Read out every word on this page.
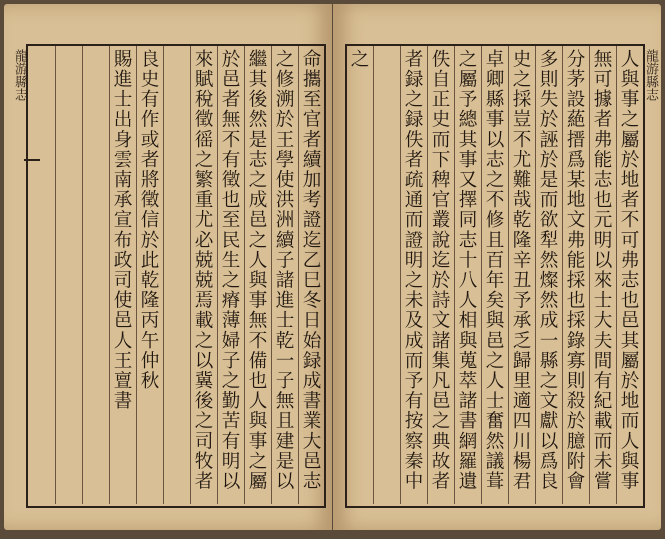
龍游縣志	命攜至官者續加考證迄乙巳冬日始録成書業大邑志
之修溯於王學使洪洲續子諸進士乾一子無且建是以
繼其後然是志之成邑之人與事無不備也人與事之屬
於邑者無不有徵也至民生之瘠薄婦子之勤苦有明以
來賦稅徵徭之繁重尤必兢兢焉載之以冀後之司牧者
良史有作或者將徵信於此乾隆丙午仲秋
賜進士出身雲南承宣布政司使邑人王亶書	龍游縣志
人與事之屬於地者不可弗志也邑其屬於地而人與事
無可據者弗能志也元明以來士大夫間有紀載而未嘗
分茅設蕝搢爲某地文弗能採也採錄寡則殺於臆附會
多則失於誣於是而欲犁然燦然成一縣之文獻以爲良
史之採豈不尤難哉乾隆辛丑予承乏歸里適四川楊君
卓卿縣事以志之不修且百年矣與邑之人士奮然議葺
之屬予總其事又擇同志十八人相與蒐萃諸書網羅遺
佚自正史而下稗官叢說迄於詩文諸集凡邑之典故者
者録之録佚者疏通而證明之未及成而予有按察秦中
之
